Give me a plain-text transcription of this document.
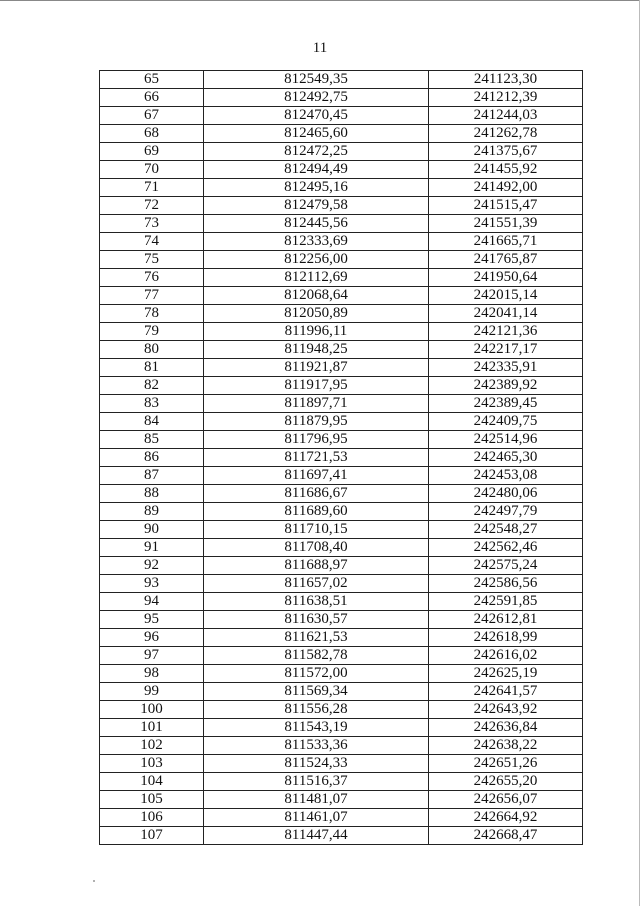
11
65	812549,35	241123,30
66	812492,75	241212,39
67	812470,45	241244,03
68	812465,60	241262,78
69	812472,25	241375,67
70	812494,49	241455,92
71	812495,16	241492,00
72	812479,58	241515,47
73	812445,56	241551,39
74	812333,69	241665,71
75	812256,00	241765,87
76	812112,69	241950,64
77	812068,64	242015,14
78	812050,89	242041,14
79	811996,11	242121,36
80	811948,25	242217,17
81	811921,87	242335,91
82	811917,95	242389,92
83	811897,71	242389,45
84	811879,95	242409,75
85	811796,95	242514,96
86	811721,53	242465,30
87	811697,41	242453,08
88	811686,67	242480,06
89	811689,60	242497,79
90	811710,15	242548,27
91	811708,40	242562,46
92	811688,97	242575,24
93	811657,02	242586,56
94	811638,51	242591,85
95	811630,57	242612,81
96	811621,53	242618,99
97	811582,78	242616,02
98	811572,00	242625,19
99	811569,34	242641,57
100	811556,28	242643,92
101	811543,19	242636,84
102	811533,36	242638,22
103	811524,33	242651,26
104	811516,37	242655,20
105	811481,07	242656,07
106	811461,07	242664,92
107	811447,44	242668,47
